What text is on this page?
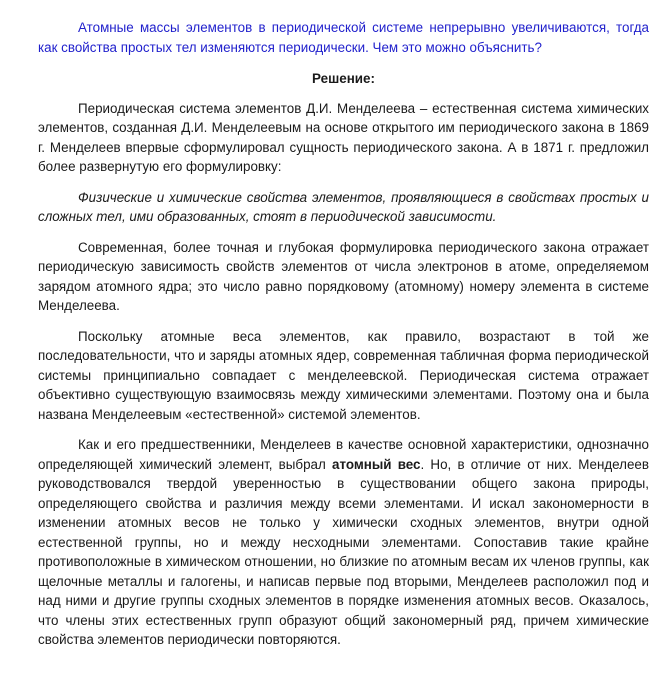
Атомные массы элементов в периодической системе непрерывно увеличиваются, тогда как свойства простых тел изменяются периодически. Чем это можно объяснить?

Решение:

Периодическая система элементов Д.И. Менделеева – естественная система химических элементов, созданная Д.И. Менделеевым на основе открытого им периодического закона в 1869 г. Менделеев впервые сформулировал сущность периодического закона. А в 1871 г. предложил более развернутую его формулировку:

Физические и химические свойства элементов, проявляющиеся в свойствах простых и сложных тел, ими образованных, стоят в периодической зависимости.

Современная, более точная и глубокая формулировка периодического закона отражает периодическую зависимость свойств элементов от числа электронов в атоме, определяемом зарядом атомного ядра; это число равно порядковому (атомному) номеру элемента в системе Менделеева.

Поскольку атомные веса элементов, как правило, возрастают в той же последовательности, что и заряды атомных ядер, современная табличная форма периодической системы принципиально совпадает с менделеевской. Периодическая система отражает объективно существующую взаимосвязь между химическими элементами. Поэтому она и была названа Менделеевым «естественной» системой элементов.

Как и его предшественники, Менделеев в качестве основной характеристики, однозначно определяющей химический элемент, выбрал атомный вес. Но, в отличие от них. Менделеев руководствовался твердой уверенностью в существовании общего закона природы, определяющего свойства и различия между всеми элементами. И искал закономерности в изменении атомных весов не только у химически сходных элементов, внутри одной естественной группы, но и между несходными элементами. Сопоставив такие крайне противоположные в химическом отношении, но близкие по атомным весам их членов группы, как щелочные металлы и галогены, и написав первые под вторыми, Менделеев расположил под и над ними и другие группы сходных элементов в порядке изменения атомных весов. Оказалось, что члены этих естественных групп образуют общий закономерный ряд, причем химические свойства элементов периодически повторяются.
